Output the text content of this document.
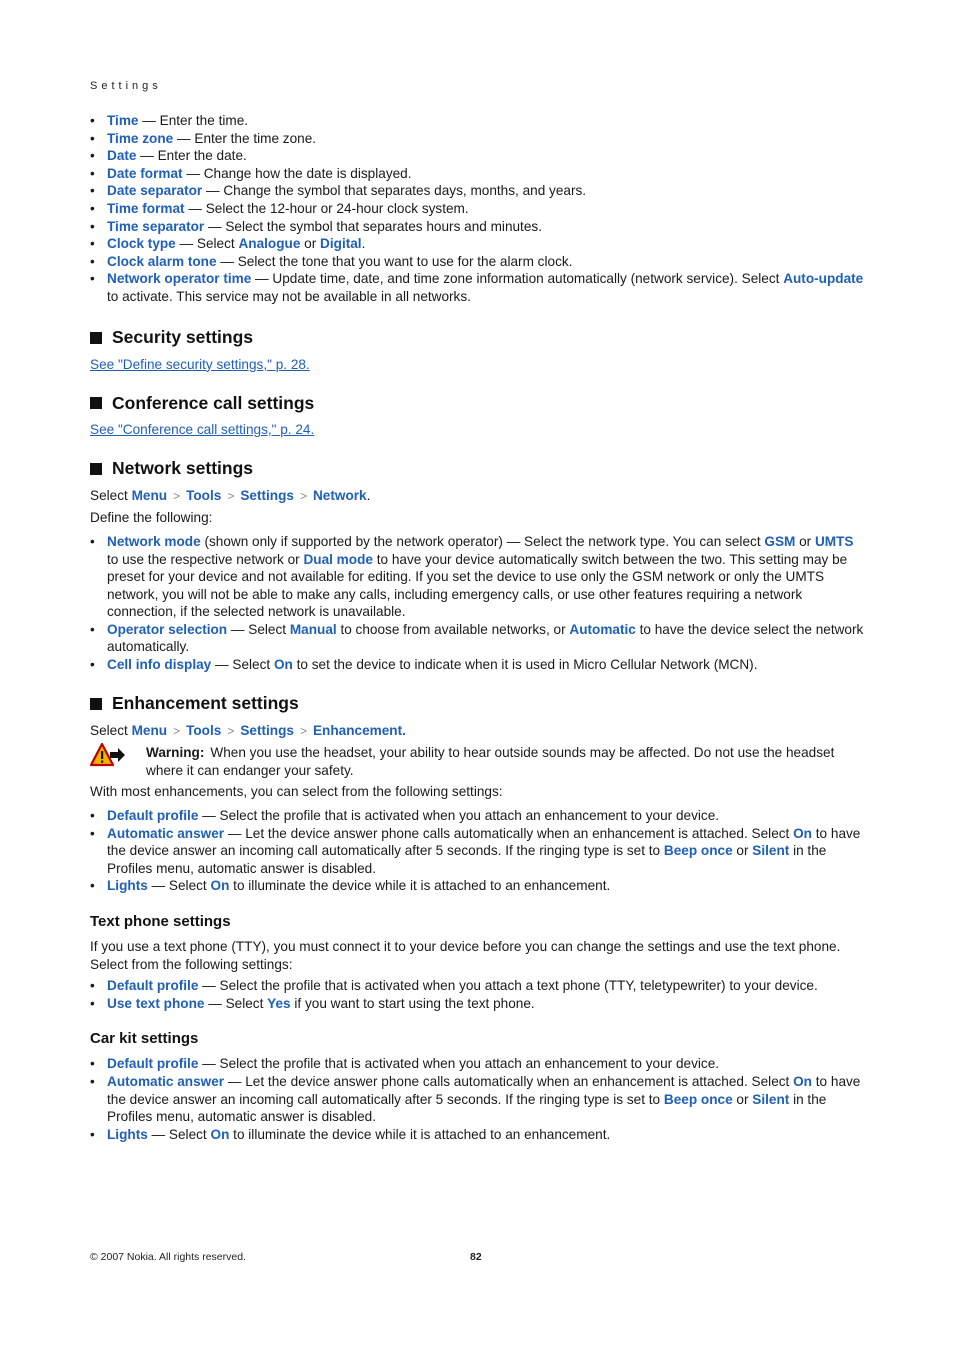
Settings
• Time — Enter the time.
• Time zone — Enter the time zone.
• Date — Enter the date.
• Date format — Change how the date is displayed.
• Date separator — Change the symbol that separates days, months, and years.
• Time format — Select the 12-hour or 24-hour clock system.
• Time separator — Select the symbol that separates hours and minutes.
• Clock type — Select Analogue or Digital.
• Clock alarm tone — Select the tone that you want to use for the alarm clock.
• Network operator time — Update time, date, and time zone information automatically (network service). Select Auto-update to activate. This service may not be available in all networks.
Security settings

See "Define security settings," p. 28.

Conference call settings

See "Conference call settings," p. 24.

Network settings

Select Menu > Tools > Settings > Network.

Define the following:

• Network mode (shown only if supported by the network operator) — Select the network type. You can select GSM or UMTS to use the respective network or Dual mode to have your device automatically switch between the two. This setting may be preset for your device and not available for editing. If you set the device to use only the GSM network or only the UMTS network, you will not be able to make any calls, including emergency calls, or use other features requiring a network connection, if the selected network is unavailable.
• Operator selection — Select Manual to choose from available networks, or Automatic to have the device select the network automatically.
• Cell info display — Select On to set the device to indicate when it is used in Micro Cellular Network (MCN).
Enhancement settings

Select Menu > Tools > Settings > Enhancement.

Warning: When you use the headset, your ability to hear outside sounds may be affected. Do not use the headset where it can endanger your safety.

With most enhancements, you can select from the following settings:

• Default profile — Select the profile that is activated when you attach an enhancement to your device.
• Automatic answer — Let the device answer phone calls automatically when an enhancement is attached. Select On to have the device answer an incoming call automatically after 5 seconds. If the ringing type is set to Beep once or Silent in the Profiles menu, automatic answer is disabled.
• Lights — Select On to illuminate the device while it is attached to an enhancement.
Text phone settings

If you use a text phone (TTY), you must connect it to your device before you can change the settings and use the text phone. Select from the following settings:

• Default profile — Select the profile that is activated when you attach a text phone (TTY, teletypewriter) to your device.
• Use text phone — Select Yes if you want to start using the text phone.
Car kit settings
• Default profile — Select the profile that is activated when you attach an enhancement to your device.
• Automatic answer — Let the device answer phone calls automatically when an enhancement is attached. Select On to have the device answer an incoming call automatically after 5 seconds. If the ringing type is set to Beep once or Silent in the Profiles menu, automatic answer is disabled.
• Lights — Select On to illuminate the device while it is attached to an enhancement.
© 2007 Nokia. All rights reserved.	82
